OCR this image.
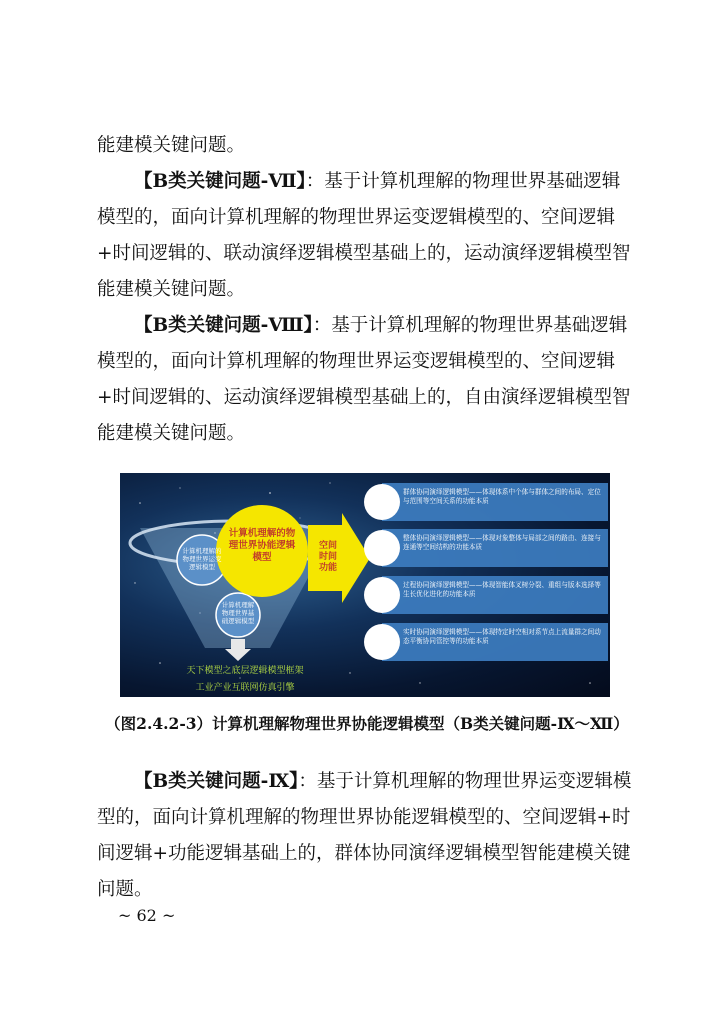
能建模关键问题。

【B类关键问题-Ⅶ】：基于计算机理解的物理世界基础逻辑模型的，面向计算机理解的物理世界运变逻辑模型的、空间逻辑+时间逻辑的、联动演绎逻辑模型基础上的，运动演绎逻辑模型智能建模关键问题。

【B类关键问题-Ⅷ】：基于计算机理解的物理世界基础逻辑模型的，面向计算机理解的物理世界运变逻辑模型的、空间逻辑+时间逻辑的、运动演绎逻辑模型基础上的，自由演绎逻辑模型智能建模关键问题。

计算机理解的物理世界运变逻辑模型
计算机理解物理世界基础逻辑模型
计算机理解的物理世界协能逻辑模型
空间时间功能
群体协同演绎逻辑模型——体现体系中个体与群体之间的布局、定位与范围等空间关系的功能本质
整体协同演绎逻辑模型——体现对象整体与局部之间的路由、连接与连通等空间结构的功能本质
过程协同演绎逻辑模型——体现智能体叉树分裂、重组与版本选择等生长优化进化的功能本质
实时协同演绎逻辑模型——体现特定时空相对系节点上流量群之间动态平衡协同管控等的功能本质
天下模型之底层逻辑模型框架
工业产业互联网仿真引擎
（图2.4.2-3）计算机理解物理世界协能逻辑模型（B类关键问题-Ⅸ～Ⅻ）

【B类关键问题-Ⅸ】：基于计算机理解的物理世界运变逻辑模型的，面向计算机理解的物理世界协能逻辑模型的、空间逻辑+时间逻辑+功能逻辑基础上的，群体协同演绎逻辑模型智能建模关键问题。

~ 62 ~
